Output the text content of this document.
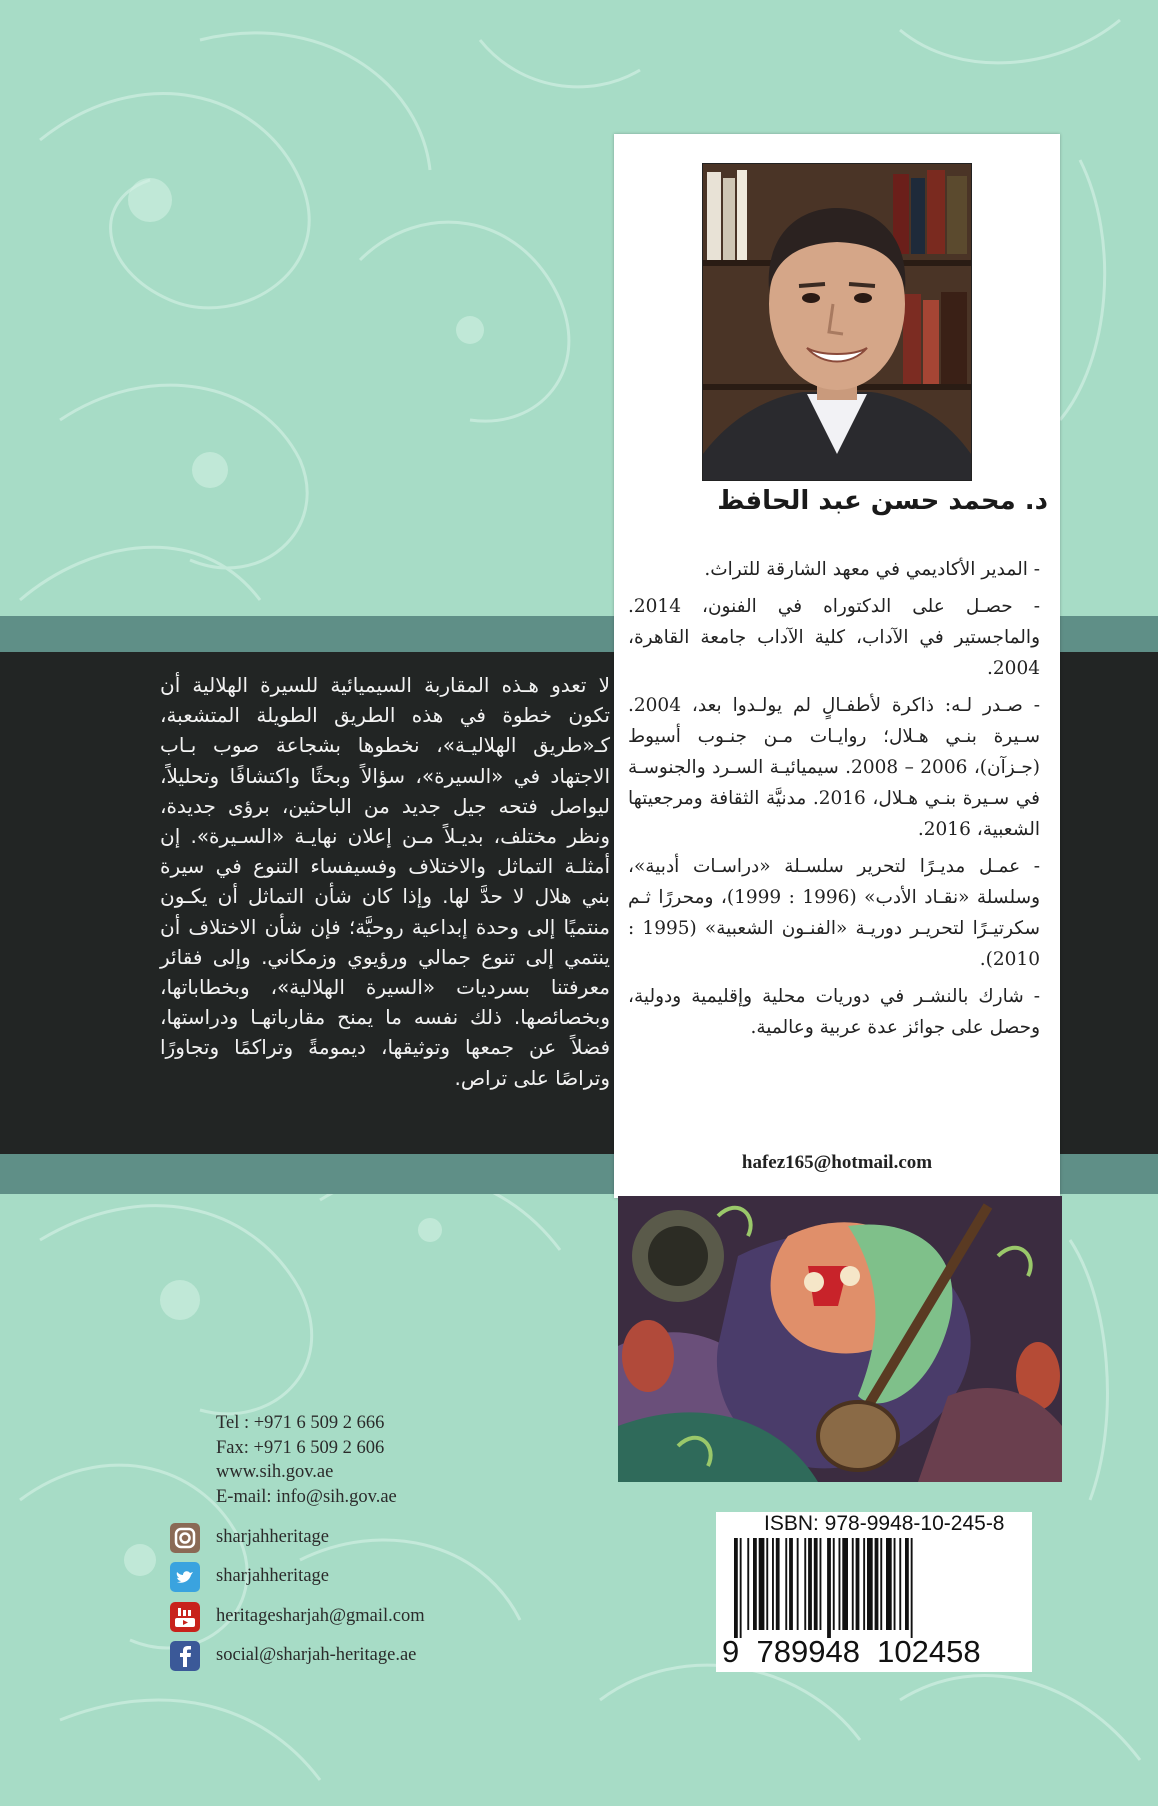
لا تعدو هـذه المقاربة السيميائية للسيرة الهلالية أن تكون خطوة في هذه الطريق الطويلة المتشعبة، كـ«طريق الهلاليـة»، نخطوها بشجاعة صوب بـاب الاجتهاد في «السيرة»، سؤالاً وبحثًا واكتشافًا وتحليلاً، ليواصل فتحه جيل جديد من الباحثين، برؤى جديدة، ونظر مختلف، بديـلاً مـن إعلان نهايـة «السـيرة». إن أمثلـة التماثل والاختلاف وفسيفساء التنوع في سيرة بني هلال لا حدَّ لها. وإذا كان شأن التماثل أن يكـون منتميًا إلى وحدة إبداعية روحيَّة؛ فإن شأن الاختلاف أن ينتمي إلى تنوع جمالي ورؤيوي وزمكاني. وإلى فقائر معرفتنا بسرديات «السيرة الهلالية»، وبخطاباتها، وبخصائصها. ذلك نفسه ما يمنح مقارباتهـا ودراستها، فضلاً عن جمعها وتوثيقها، ديمومةً وتراكمًا وتجاورًا وتراصًا على تراص.
د. محمد حسن عبد الحافظ

- المدير الأكاديمي في معهد الشارقة للتراث.

- حصـل على الدكتوراه في الفنون، 2014. والماجستير في الآداب، كلية الآداب جامعة القاهرة، 2004.

- صـدر لـه: ذاكرة لأطفـالٍ لم يولـدوا بعد، 2004. سـيرة بنـي هـلال؛ روايـات مـن جنـوب أسيوط (جـزآن)، 2006 – 2008. سيميائيـة السـرد والجنوسـة في سـيرة بنـي هـلال، 2016. مدنيَّة الثقافة ومرجعيتها الشعبية، 2016.

- عمـل مديـرًا لتحرير سلسـلة «دراسـات أدبية»، وسلسلة «نقـاد الأدب» (1996 : 1999)، ومحررًا ثـم سكرتيـرًا لتحريـر دوريـة «الفنـون الشعبية» (1995 : 2010).

- شارك بالنشـر في دوريات محلية وإقليمية ودولية، وحصل على جوائز عدة عربية وعالمية.

hafez165@hotmail.com
Tel : +971 6 509 2 666
Fax: +971 6 509 2 606
www.sih.gov.ae
E-mail: info@sih.gov.ae
sharjahheritage
sharjahheritage
heritagesharjah@gmail.com
social@sharjah-heritage.ae
ISBN: 978-9948-10-245-8
9 789948 102458
